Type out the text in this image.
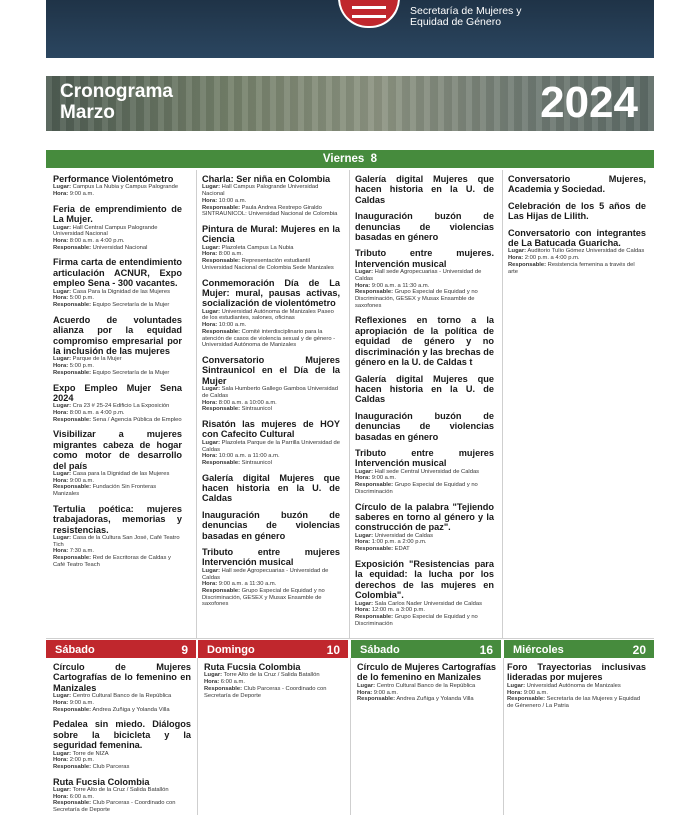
Secretaría de Mujeres y
Equidad de Género
Cronograma
Marzo	2024
Viernes 8
Performance Violentómetro
Lugar: Campus La Nubia y Campus Palogrande
Hora: 9:00 a.m.
Feria de emprendimiento de La Mujer.
Lugar: Hall Central Campus Palogrande Universidad Nacional
Hora: 8:00 a.m. a 4:00 p.m.
Responsable: Universidad Nacional
Firma carta de entendimiento articulación ACNUR, Expo empleo Sena - 300 vacantes.
Lugar: Casa Para la Dignidad de las Mujeres
Hora: 5:00 p.m.
Responsable: Equipo Secretaría de la Mujer
Acuerdo de voluntades alianza por la equidad compromiso empresarial por la inclusión de las mujeres
Lugar: Parque de la Mujer
Hora: 5:00 p.m.
Responsable: Equipo Secretaría de la Mujer
Expo Empleo Mujer Sena 2024
Lugar: Cra 23 # 25-24 Edificio La Exposición
Hora: 8:00 a.m. a 4:00 p.m.
Responsable: Sena / Agencia Pública de Empleo
Visibilizar a mujeres migrantes cabeza de hogar como motor de desarrollo del país
Lugar: Casa para la Dignidad de las Mujeres
Hora: 9:00 a.m.
Responsable: Fundación Sin Fronteras Manizales
Tertulia poética: mujeres trabajadoras, memorias y resistencias.
Lugar: Casa de la Cultura San José, Café Teatro Tich
Hora: 7:30 a.m.
Responsable: Red de Escritoras de Caldas y Café Teatro Teach
Charla: Ser niña en Colombia
Lugar: Hall Campus Palogrande Universidad Nacional
Hora: 10:00 a.m.
Responsable: Paula Andrea Restrepo Giraldo SINTRAUNICOL: Universidad Nacional de Colombia
Pintura de Mural: Mujeres en la Ciencia
Lugar: Plazoleta Campus La Nubia
Hora: 8:00 a.m.
Responsable: Representación estudiantil Universidad Nacional de Colombia Sede Manizales
Conmemoración Día de La Mujer: mural, pausas activas, socialización de violentómetro
Lugar: Universidad Autónoma de Manizales Paseo de los estudiantes, salones, oficinas
Hora: 10:00 a.m.
Responsable: Comité interdisciplinario para la atención de casos de violencia sexual y de género - Universidad Autónoma de Manizales
Conversatorio Mujeres Sintraunicol en el Día de la Mujer
Lugar: Sala Humberto Gallego Gamboa Universidad de Caldas
Hora: 8:00 a.m. a 10:00 a.m.
Responsable: Sintraunicol
Risatón las mujeres de HOY con Cafecito Cultural
Lugar: Plazoleta Parque de la Parrilla Universidad de Caldas
Hora: 10:00 a.m. a 11:00 a.m.
Responsable: Sintraunicol
Galería digital Mujeres que hacen historia en la U. de Caldas
Inauguración buzón de denuncias de violencias basadas en género
Tributo entre mujeres Intervención musical
Lugar: Hall sede Agropecuarias - Universidad de Caldas
Hora: 9:00 a.m. a 11:30 a.m.
Responsable: Grupo Especial de Equidad y no Discriminación, GESEX y Musax Ensamble de saxofones
Galería digital Mujeres que hacen historia en la U. de Caldas
Inauguración buzón de denuncias de violencias basadas en género
Tributo entre mujeres. Intervención musical
Lugar: Hall sede Agropecuarias - Universidad de Caldas
Hora: 9:00 a.m. a 11:30 a.m.
Responsable: Grupo Especial de Equidad y no Discriminación, GESEX y Musax Ensamble de saxofones
Reflexiones en torno a la apropiación de la política de equidad de género y no discriminación y las brechas de género en la U. de Caldas t
Galería digital Mujeres que hacen historia en la U. de Caldas
Inauguración buzón de denuncias de violencias basadas en género
Tributo entre mujeres Intervención musical
Lugar: Hall sede Central Universidad de Caldas
Hora: 9:00 a.m.
Responsable: Grupo Especial de Equidad y no Discriminación
Círculo de la palabra "Tejiendo saberes en torno al género y la construcción de paz".
Lugar: Universidad de Caldas
Hora: 1:00 p.m. a 2:00 p.m.
Responsable: EDAT
Exposición "Resistencias para la equidad: la lucha por los derechos de las mujeres en Colombia".
Lugar: Sala Carlos Nader Universidad de Caldas
Hora: 12:00 m. a 3:00 p.m.
Responsable: Grupo Especial de Equidad y no Discriminación
Conversatorio Mujeres, Academia y Sociedad.
Celebración de los 5 años de Las Hijas de Lilith.
Conversatorio con integrantes de La Batucada Guaricha.
Lugar: Auditorio Tulio Gómez Universidad de Caldas
Hora: 2:00 p.m. a 4:00 p.m.
Responsable: Resistencia femenina a través del arte
Sábado	9 Domingo	10 Sábado	16 Miércoles	20
Círculo de Mujeres Cartografías de lo femenino en Manizales
Lugar: Centro Cultural Banco de la República
Hora: 9:00 a.m.
Responsable: Andrea Zuñiga y Yolanda Villa
Pedalea sin miedo. Diálogos sobre la bicicleta y la seguridad femenina.
Lugar: Torre de NIZA
Hora: 2:00 p.m.
Responsable: Club Parceras
Ruta Fucsia Colombia
Lugar: Torre Alto de la Cruz / Salida Batallón
Hora: 6:00 a.m.
Responsable: Club Parceras - Coordinado con Secretaría de Deporte
Ruta Fucsia Colombia
Lugar: Torre Alto de la Cruz / Salida Batallón
Hora: 6:00 a.m.
Responsable: Club Parceras - Coordinado con Secretaría de Deporte
Círculo de Mujeres Cartografías de lo femenino en Manizales
Lugar: Centro Cultural Banco de la República
Hora: 9:00 a.m.
Responsable: Andrea Zuñiga y Yolanda Villa
Foro Trayectorias inclusivas lideradas por mujeres
Lugar: Universidad Autónoma de Manizales
Hora: 9:00 a.m.
Responsable: Secretaría de las Mujeres y Equidad de Génenero / La Patria
